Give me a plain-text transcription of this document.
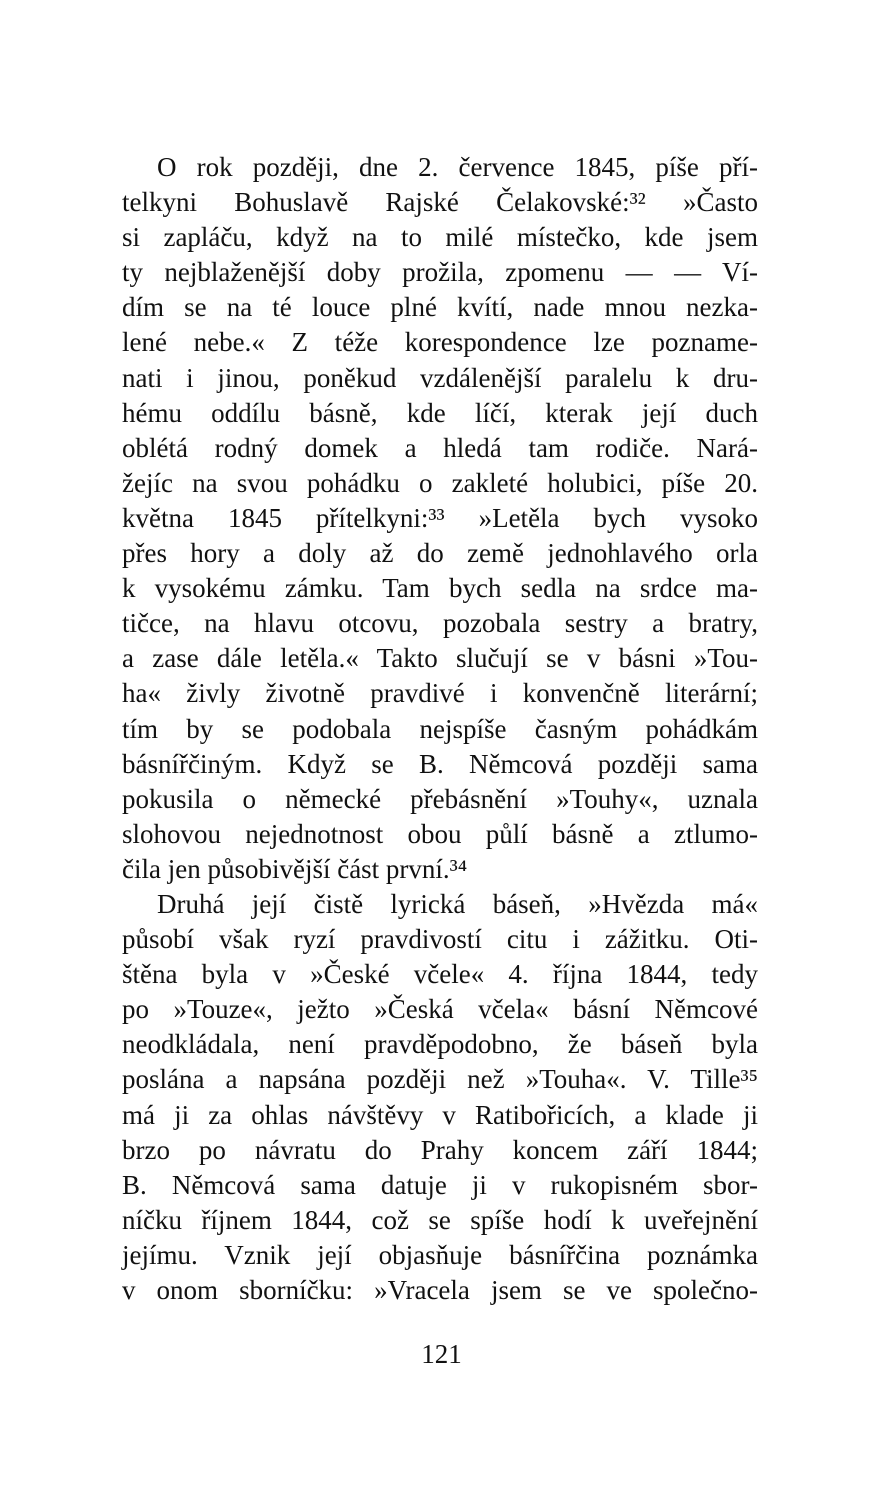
O rok později, dne 2. července 1845, píše pří-
telkyni Bohuslavě Rajské Čelakovské:³² »Často
si zapláču, když na to milé místečko, kde jsem
ty nejblaženější doby prožila, zpomenu — — Ví-
dím se na té louce plné kvítí, nade mnou nezka-
lené nebe.« Z téže korespondence lze pozname-
nati i jinou, poněkud vzdálenější paralelu k dru-
hému oddílu básně, kde líčí, kterak její duch
oblétá rodný domek a hledá tam rodiče. Nará-
žejíc na svou pohádku o zakleté holubici, píše 20.
května 1845 přítelkyni:³³ »Letěla bych vysoko
přes hory a doly až do země jednohlavého orla
k vysokému zámku. Tam bych sedla na srdce ma-
tičce, na hlavu otcovu, pozobala sestry a bratry,
a zase dále letěla.« Takto slučují se v básni »Tou-
ha« živly životně pravdivé i konvenčně literární;
tím by se podobala nejspíše časným pohádkám
básnířčiným. Když se B. Němcová později sama
pokusila o německé přebásnění »Touhy«, uznala
slohovou nejednotnost obou půlí básně a ztlumo-
čila jen působivější část první.³⁴
Druhá její čistě lyrická báseň, »Hvězda má«
působí však ryzí pravdivostí citu i zážitku. Oti-
štěna byla v »České včele« 4. října 1844, tedy
po »Touze«, ježto »Česká včela« básní Němcové
neodkládala, není pravděpodobno, že báseň byla
poslána a napsána později než »Touha«. V. Tille³⁵
má ji za ohlas návštěvy v Ratibořicích, a klade ji
brzo po návratu do Prahy koncem září 1844;
B. Němcová sama datuje ji v rukopisném sbor-
níčku říjnem 1844, což se spíše hodí k uveřejnění
jejímu. Vznik její objasňuje básnířčina poznámka
v onom sborníčku: »Vracela jsem se ve společno-
121
